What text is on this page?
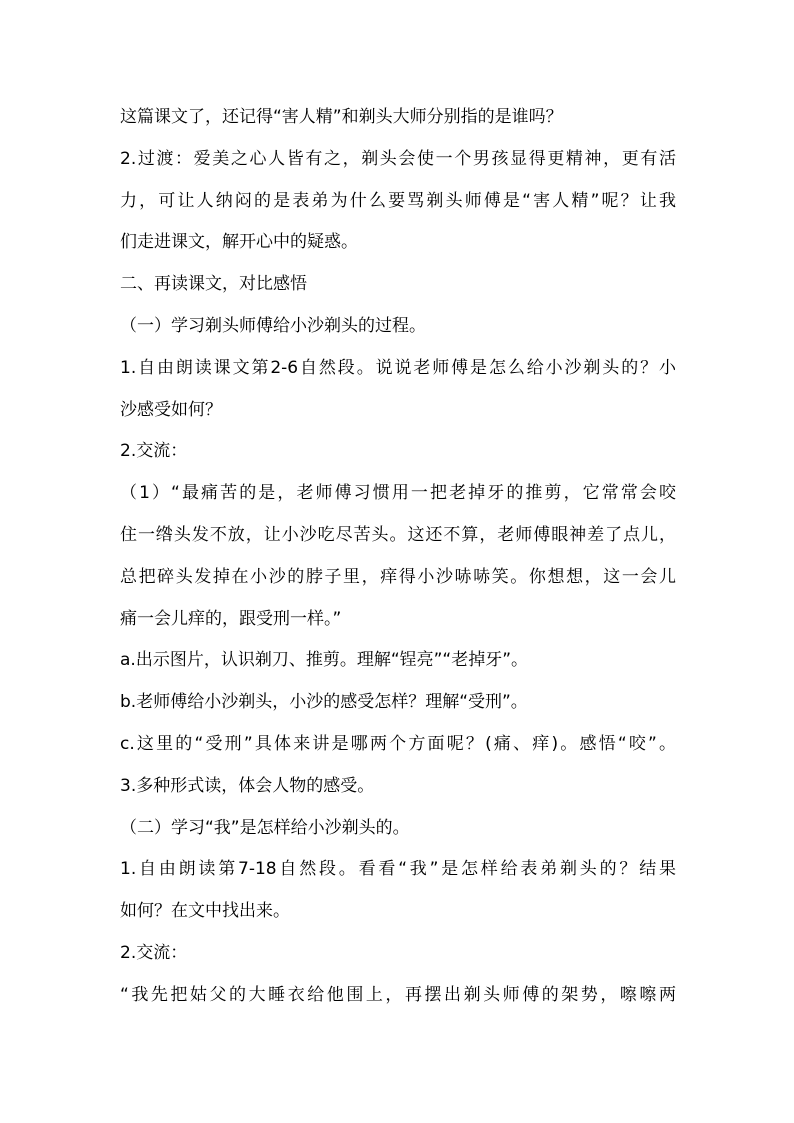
这篇课文了，还记得“害人精”和剃头大师分别指的是谁吗？
2.过渡：爱美之心人皆有之，剃头会使一个男孩显得更精神，更有活
力，可让人纳闷的是表弟为什么要骂剃头师傅是“害人精”呢？让我
们走进课文，解开心中的疑惑。
二、再读课文，对比感悟
（一）学习剃头师傅给小沙剃头的过程。
1.自由朗读课文第2-6自然段。说说老师傅是怎么给小沙剃头的？小
沙感受如何？
2.交流：
（1）“最痛苦的是，老师傅习惯用一把老掉牙的推剪，它常常会咬
住一绺头发不放，让小沙吃尽苦头。这还不算，老师傅眼神差了点儿，
总把碎头发掉在小沙的脖子里，痒得小沙哧哧笑。你想想，这一会儿
痛一会儿痒的，跟受刑一样。”
a.出示图片，认识剃刀、推剪。理解“锃亮”“老掉牙”。
b.老师傅给小沙剃头，小沙的感受怎样？理解“受刑”。
c.这里的“受刑”具体来讲是哪两个方面呢？(痛、痒)。感悟“咬”。
3.多种形式读，体会人物的感受。
（二）学习“我”是怎样给小沙剃头的。
1.自由朗读第7-18自然段。看看“我”是怎样给表弟剃头的？结果
如何？在文中找出来。
2.交流：
“我先把姑父的大睡衣给他围上，再摆出剃头师傅的架势，嚓嚓两
